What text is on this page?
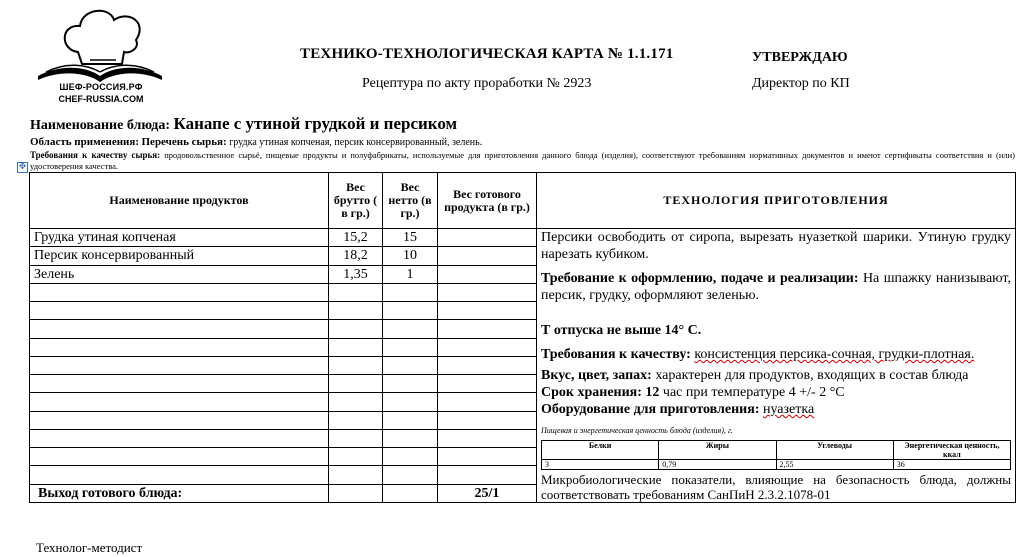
ШЕФ-РОССИЯ.РФ
CHEF-RUSSIA.COM
ТЕХНИКО-ТЕХНОЛОГИЧЕСКАЯ КАРТА № 1.1.171	УТВЕРЖДАЮ
Рецептура по акту проработки № 2923	Директор по КП
Наименование блюда: Канапе с утиной грудкой и персиком
Область применения: Перечень сырья: грудка утиная копченая, персик консервированный, зелень.
✥
Требования к качеству сырья: продовольственное сырьё, пищевые продукты и полуфабрикаты, используемые для приготовления данного блюда (изделия), соответствуют требованиям нормативных документов и имеют сертификаты соответствия и (или) удостоверения качества.
Наименование продуктов	Вес брутто ( в гр.)	Вес нетто (в гр.)	Вес готового продукта (в гр.)	ТЕХНОЛОГИЯ ПРИГОТОВЛЕНИЯ
Грудка утиная копченая	15,2	15		Персики освободить от сиропа, вырезать нуазеткой шарики. Утиную грудку нарезать кубиком.

Требование к оформлению, подаче и реализации: На шпажку нанизывают, персик, грудку, оформляют зеленью.

Т отпуска не выше 14° С.

Требования к качеству: консистенция персика-сочная, грудки-плотная.

Вкус, цвет, запах: характерен для продуктов, входящих в состав блюда

Срок хранения: 12 час при температуре 4 +/- 2 °С

Оборудование для приготовления: нуазетка

Пищевая и энергетическая ценность блюда (изделия), г.
Белки	Жиры	Углеводы	Энергетическая ценность, ккал
3	0,79	2,55	36
Микробиологические показатели, влияющие на безопасность блюда, должны соответствовать требованиям СанПиН 2.3.2.1078-01

Персик консервированный	18,2	10	
Зелень	1,35	1	

Выход готового блюда:			25/1
Технолог-методист
